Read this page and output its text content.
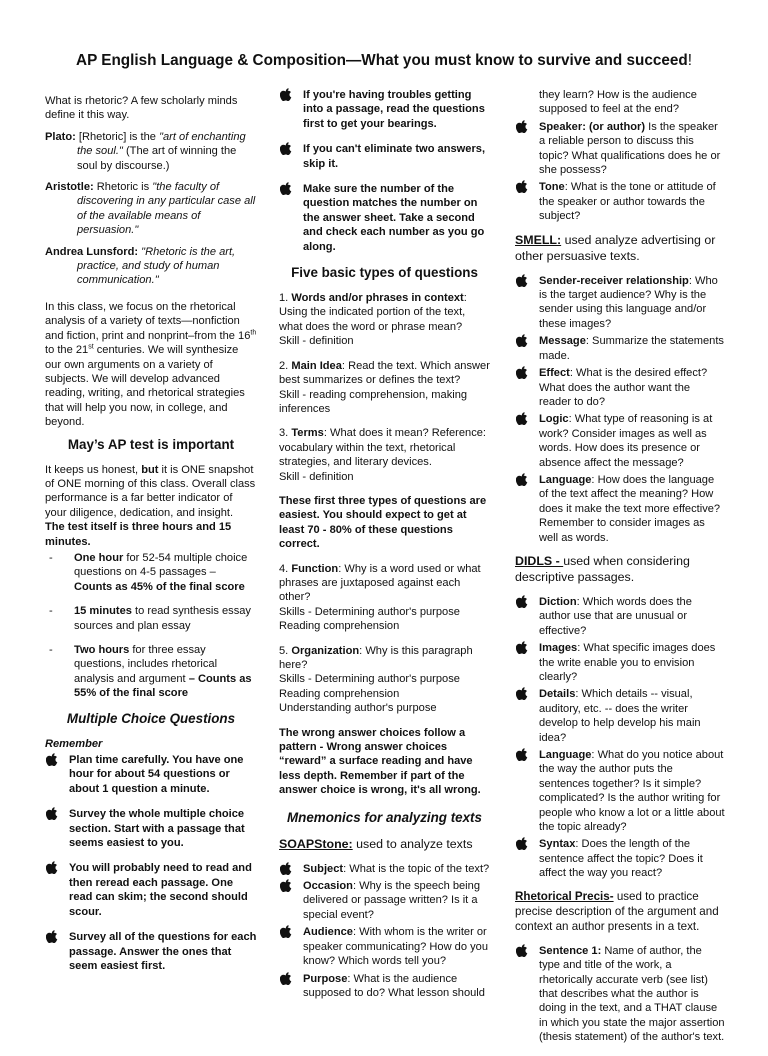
AP English Language & Composition—What you must know to survive and succeed!

What is rhetoric? A few scholarly minds define it this way.

Plato: [Rhetoric] is the "art of enchanting the soul." (The art of winning the soul by discourse.)

Aristotle: Rhetoric is "the faculty of discovering in any particular case all of the available means of persuasion."

Andrea Lunsford: "Rhetoric is the art, practice, and study of human communication."

In this class, we focus on the rhetorical analysis of a variety of texts—nonfiction and fiction, print and nonprint–from the 16th to the 21st centuries. We will synthesize our own arguments on a variety of subjects. We will develop advanced reading, writing, and rhetorical strategies that will help you now, in college, and beyond.

May’s AP test is important

It keeps us honest, but it is ONE snapshot of ONE morning of this class. Overall class performance is a far better indicator of your diligence, dedication, and insight.

The test itself is three hours and 15 minutes.

- One hour for 52-54 multiple choice questions on 4-5 passages – Counts as 45% of the final score
- 15 minutes to read synthesis essay sources and plan essay
- Two hours for three essay questions, includes rhetorical analysis and argument – Counts as 55% of the final score
Multiple Choice Questions
Remember
Plan time carefully. You have one hour for about 54 questions or about 1 question a minute.
Survey the whole multiple choice section. Start with a passage that seems easiest to you.
You will probably need to read and then reread each passage. One read can skim; the second should scour.
Survey all of the questions for each passage. Answer the ones that seem easiest first.
If you're having troubles getting into a passage, read the questions first to get your bearings.
If you can't eliminate two answers, skip it.
Make sure the number of the question matches the number on the answer sheet. Take a second and check each number as you go along.
Five basic types of questions
1. Words and/or phrases in context: Using the indicated portion of the text, what does the word or phrase mean?
Skill - definition
2. Main Idea: Read the text. Which answer best summarizes or defines the text?
Skill - reading comprehension, making inferences
3. Terms: What does it mean? Reference: vocabulary within the text, rhetorical strategies, and literary devices.
Skill - definition
These first three types of questions are easiest. You should expect to get at least 70 - 80% of these questions correct.
4. Function: Why is a word used or what phrases are juxtaposed against each other?
Skills - Determining author's purpose
Reading comprehension
5. Organization: Why is this paragraph here?
Skills - Determining author's purpose
Reading comprehension
Understanding author's purpose
The wrong answer choices follow a pattern - Wrong answer choices “reward” a surface reading and have less depth. Remember if part of the answer choice is wrong, it's all wrong.
Mnemonics for analyzing texts
SOAPStone: used to analyze texts
Subject: What is the topic of the text?
Occasion: Why is the speech being delivered or passage written? Is it a special event?
Audience: With whom is the writer or speaker communicating? How do you know? Which words tell you?
Purpose: What is the audience supposed to do? What lesson should
they learn? How is the audience supposed to feel at the end?
Speaker: (or author) Is the speaker a reliable person to discuss this topic? What qualifications does he or she possess?
Tone: What is the tone or attitude of the speaker or author towards the subject?
SMELL: used analyze advertising or other persuasive texts.
Sender-receiver relationship: Who is the target audience? Why is the sender using this language and/or these images?
Message: Summarize the statements made.
Effect: What is the desired effect? What does the author want the reader to do?
Logic: What type of reasoning is at work? Consider images as well as words. How does its presence or absence affect the message?
Language: How does the language of the text affect the meaning? How does it make the text more effective? Remember to consider images as well as words.
DIDLS - used when considering descriptive passages.
Diction: Which words does the author use that are unusual or effective?
Images: What specific images does the write enable you to envision clearly?
Details: Which details -- visual, auditory, etc. -- does the writer develop to help develop his main idea?
Language: What do you notice about the way the author puts the sentences together? Is it simple? complicated? Is the author writing for people who know a lot or a little about the topic already?
Syntax: Does the length of the sentence affect the topic? Does it affect the way you react?
Rhetorical Precis- used to practice precise description of the argument and context an author presents in a text.
Sentence 1: Name of author, the type and title of the work, a rhetorically accurate verb (see list) that describes what the author is doing in the text, and a THAT clause in which you state the major assertion (thesis statement) of the author's text.
